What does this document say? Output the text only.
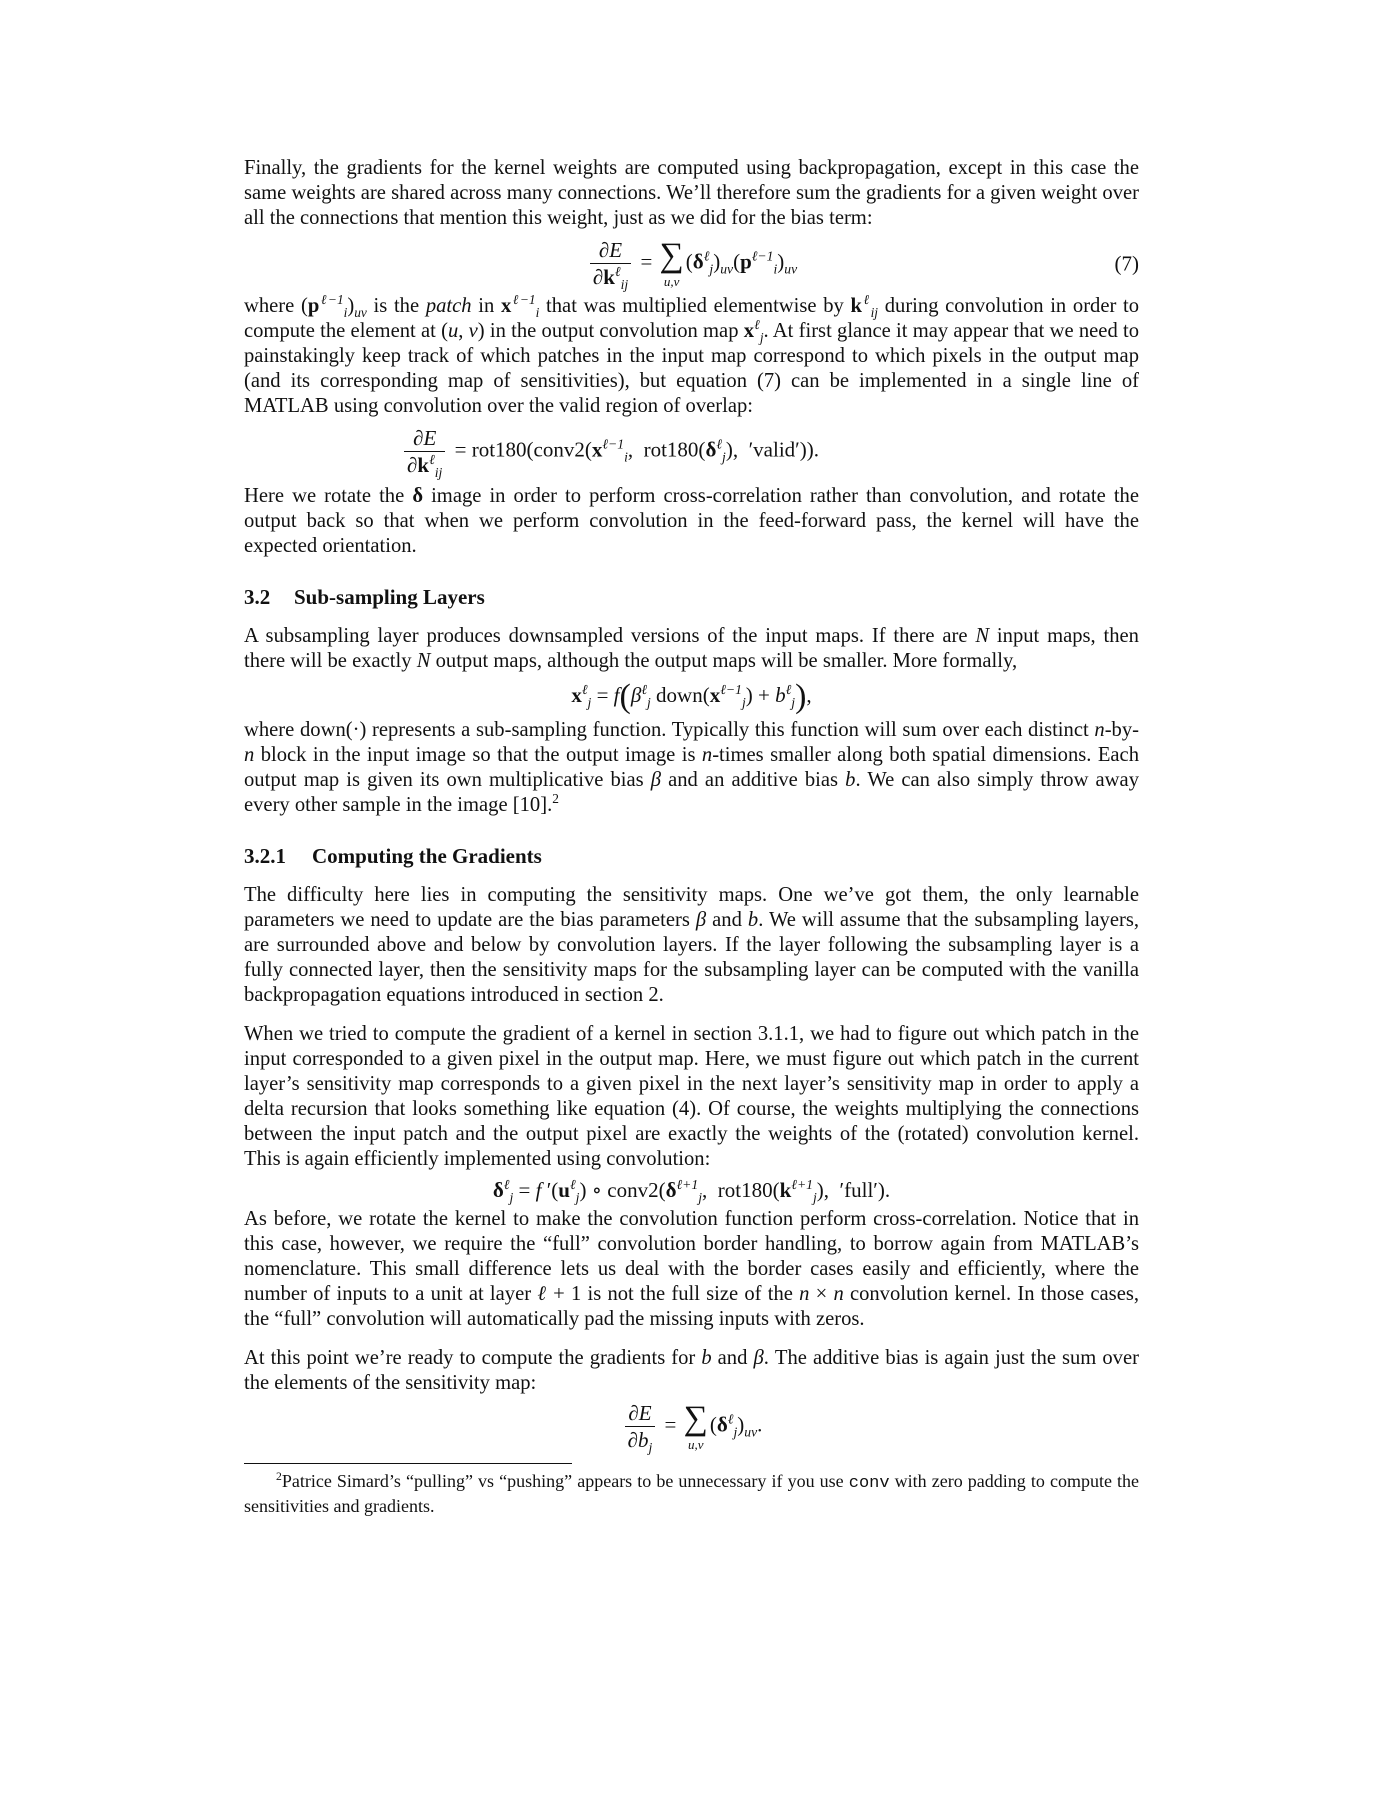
Finally, the gradients for the kernel weights are computed using backpropagation, except in this case the same weights are shared across many connections. We’ll therefore sum the gradients for a given weight over all the connections that mention this weight, just as we did for the bias term:

$\frac{\partial E}{\partial k^\ell_{ij}}$ = ∑
u,v
$(\delta^\ell_j)_{uv}(p^{\ell-1}_i)_{uv}$	(7)

where $(p^{\ell-1}_i)_{uv}$ is the patch in $x^{\ell-1}_i$ that was multiplied elementwise by $k^\ell_{ij}$ during convolution in order to compute the element at (u, v) in the output convolution map $x^\ell_j$. At first glance it may appear that we need to painstakingly keep track of which patches in the input map correspond to which pixels in the output map (and its corresponding map of sensitivities), but equation (7) can be implemented in a single line of MATLAB using convolution over the valid region of overlap:

$\frac{\partial E}{\partial k^\ell_{ij}}$ = $rot180(conv2(x^{\ell-1}_i$,  $rot180(\delta^\ell_j)$,  ′valid′)).

Here we rotate the δ image in order to perform cross-correlation rather than convolution, and rotate the output back so that when we perform convolution in the feed-forward pass, the kernel will have the expected orientation.

3.2 Sub-sampling Layers

A subsampling layer produces downsampled versions of the input maps. If there are N input maps, then there will be exactly N output maps, although the output maps will be smaller. More formally,

$x^\ell_j = f(\beta^\ell_j$ $down(x^{\ell-1}_j) + b^\ell_j$),

where down(·) represents a sub-sampling function. Typically this function will sum over each distinct n-by-n block in the input image so that the output image is n-times smaller along both spatial dimensions. Each output map is given its own multiplicative bias β and an additive bias b. We can also simply throw away every other sample in the image [10].$^2$

3.2.1 Computing the Gradients

The difficulty here lies in computing the sensitivity maps. One we’ve got them, the only learnable parameters we need to update are the bias parameters β and b. We will assume that the subsampling layers, are surrounded above and below by convolution layers. If the layer following the subsampling layer is a fully connected layer, then the sensitivity maps for the subsampling layer can be computed with the vanilla backpropagation equations introduced in section 2.

When we tried to compute the gradient of a kernel in section 3.1.1, we had to figure out which patch in the input corresponded to a given pixel in the output map. Here, we must figure out which patch in the current layer’s sensitivity map corresponds to a given pixel in the next layer’s sensitivity map in order to apply a delta recursion that looks something like equation (4). Of course, the weights multiplying the connections between the input patch and the output pixel are exactly the weights of the (rotated) convolution kernel. This is again efficiently implemented using convolution:

$\delta^\ell_j = f$ $'(u^\ell_j)$ ∘ $conv2(\delta^{\ell+1}_j$,  $rot180(k^{\ell+1}_j)$,  ′full′).

As before, we rotate the kernel to make the convolution function perform cross-correlation. Notice that in this case, however, we require the “full” convolution border handling, to borrow again from MATLAB’s nomenclature. This small difference lets us deal with the border cases easily and efficiently, where the number of inputs to a unit at layer ℓ + 1 is not the full size of the n × n convolution kernel. In those cases, the “full” convolution will automatically pad the missing inputs with zeros.

At this point we’re ready to compute the gradients for b and β. The additive bias is again just the sum over the elements of the sensitivity map:

$\frac{\partial E}{\partial b_j}$ = ∑
u,v
$(\delta^\ell_j)_{uv}$.

$^2$Patrice Simard’s “pulling” vs “pushing” appears to be unnecessary if you use conv with zero padding to compute the sensitivities and gradients.
